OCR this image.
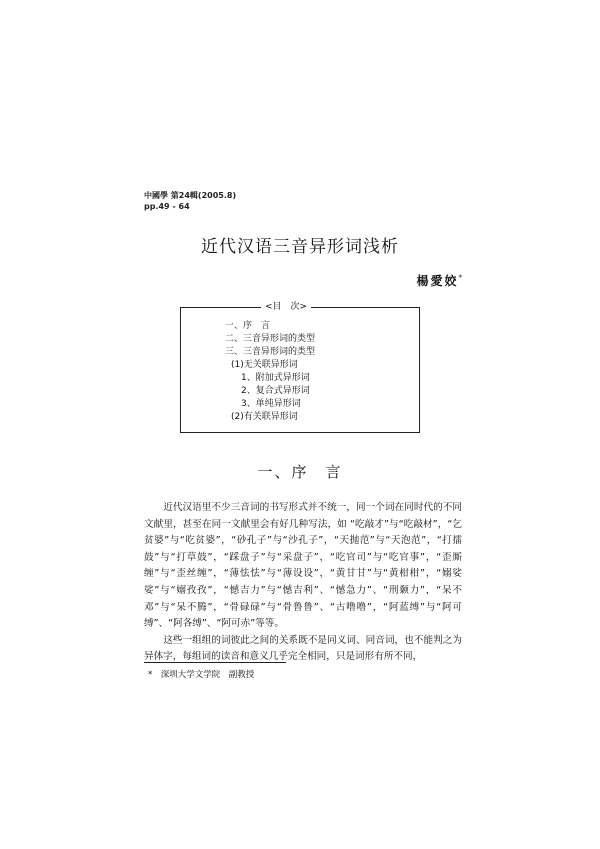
中國學 第24輯(2005.8)
pp.49 - 64
近代汉语三音异形词浅析
楊愛姣*
<目　次>
一、序　言
二、三音异形词的类型
三、三音异形词的类型
(1)无关联异形词
1、附加式异形词
2、复合式异形词
3、单纯异形词
(2)有关联异形词
一、序　言

近代汉语里不少三音词的书写形式并不统一，同一个词在同时代的不同文献里，甚至在同一文献里会有好几种写法，如 “吃敲才”与“吃敲材”，“乞贫婆”与“吃贫婆”，“砂孔子”与“沙孔子”，“天抛范”与“天泡范”，“打擂鼓”与“打草鼓”，“踩盘子”与“采盘子”，“吃官司”与“吃官事”，“歪厮缠”与“歪丝缠”，“薄怯怯”与“薄设设”，“黄甘甘”与“黄柑柑”，“嫋娑娑”与“嫋孜孜”，“憾吉力”与“憾吉利”、“憾急力”、“刑颡力”，“呆不邓”与“呆不腾”，“骨碌碌”与“骨鲁鲁”、“古噜噜”，“阿蓝缚”与“阿可缚”、“阿各缚”、“阿可赤”等等。

这些一组组的词彼此之间的关系既不是同义词、同音词，也不能判之为异体字，每组词的读音和意义几乎完全相同，只是词形有所不同，

*　深圳大学文学院　副教授
